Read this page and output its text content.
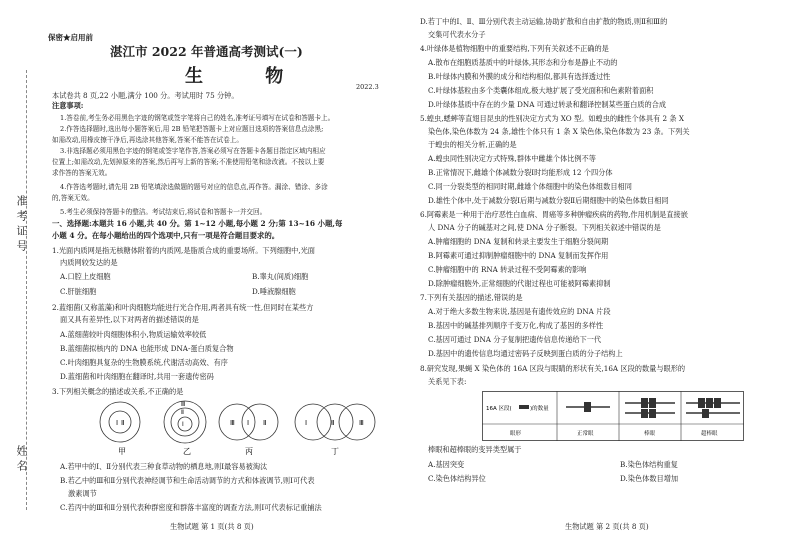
准考证号
姓名
保密★启用前
湛江市 2022 年普通高考测试(一)
生 物	2022.3
本试卷共 8 页,22 小题,满分 100 分。考试用时 75 分钟。
注意事项:
1.答卷前,考生务必用黑色字迹的钢笔或签字笔将自己的姓名,准考证号填写在试卷和答题卡上。
2.作答选择题时,选出每小题答案后,用 2B 铅笔把答题卡上对应题目选项的答案信息点涂黑;
如需改动,用橡皮擦干净后,再选涂其他答案,答案不能答在试卷上。
3.非选择题必须用黑色字迹的钢笔或签字笔作答,答案必须写在答题卡各题目指定区域内相应
位置上;如需改动,先划掉原来的答案,然后再写上新的答案;不准使用铅笔和涂改液。不按以上要
求作答的答案无效。
4.作答选考题时,请先用 2B 铅笔填涂选做题的题号对应的信息点,再作答。漏涂、错涂、多涂
的,答案无效。
5.考生必须保持答题卡的整洁。考试结束后,将试卷和答题卡一并交回。
一、选择题:本题共 16 小题,共 40 分。第 1~12 小题,每小题 2 分;第 13~16 小题,每
小题 4 分。在每小题给出的四个选项中,只有一项是符合题目要求的。
1.光面内质网是指无核糖体附着的内质网,是脂质合成的重要场所。下列细胞中,光面
内质网较发达的是
A.口腔上皮细胞	B.睾丸(间质)细胞
C.肝脏细胞	D.唾液腺细胞
2.蓝细菌(又称蓝藻)和叶肉细胞均能进行光合作用,两者具有统一性,但同时在某些方
面又具有差异性,以下对两者的描述错误的是
A.蓝细菌较叶肉细胞体积小,物质运输效率较低
B.蓝细菌拟核内的 DNA 也能形成 DNA-蛋白质复合物
C.叶肉细胞具复杂的生物膜系统,代谢活动高效、有序
D.蓝细菌和叶肉细胞在翻译时,共用一套遗传密码
3.下列相关概念的描述或关系,不正确的是
Ⅰ Ⅱ	Ⅰ
Ⅱ
Ⅲ
Ⅲ Ⅰ Ⅱ	Ⅰ	Ⅱ	Ⅲ
甲	乙	丙	丁
A.若甲中的Ⅰ、Ⅱ分别代表三种食草动物的栖息地,则Ⅰ最容易被淘汰
B.若乙中的Ⅲ和Ⅱ分别代表神经调节和生命活动调节的方式和体液调节,则Ⅰ可代表
激素调节
C.若丙中的Ⅲ和Ⅱ分别代表种群密度和群落丰富度的调查方法,则Ⅰ可代表标记重捕法
生物试题 第 1 页(共 8 页)
D.若丁中的Ⅰ、Ⅱ、Ⅲ分别代表主动运输,协助扩散和自由扩散的物质,则Ⅱ和Ⅲ的
交集可代表水分子
4.叶绿体是植物细胞中的重要结构,下列有关叙述不正确的是
A.散布在细胞质基质中的叶绿体,其形态和分布是静止不动的
B.叶绿体内膜和外膜的成分和结构相似,都具有选择透过性
C.叶绿体基粒由多个类囊体组成,极大地扩展了受光面积和色素附着面积
D.叶绿体基质中存在的少量 DNA 可通过转录和翻译控制某些蛋白质的合成
5.蝗虫,蟋蟀等直翅目昆虫的性别决定方式为 XO 型。如蝗虫的雌性个体具有 2 条 X
染色体,染色体数为 24 条,雄性个体只有 1 条 X 染色体,染色体数为 23 条。下列关
于蝗虫的相关分析,正确的是
A.蝗虫同性别决定方式特殊,群体中雌雄个体比例不等
B.正常情况下,雌雄个体减数分裂Ⅰ时均能形成 12 个四分体
C.同一分裂类型的相同时期,雌雄个体细胞中的染色体组数目相同
D.雄性个体中,处于减数分裂Ⅰ后期与减数分裂Ⅱ后期细胞中的染色体数目相同
6.阿霉素是一种用于治疗恶性白血病、胃癌等多种肿瘤疾病的药物,作用机制是直接嵌
人 DNA 分子的碱基对之间,使 DNA 分子断裂。下列相关叙述中错误的是
A.肿瘤细胞的 DNA 复制和转录主要发生于细胞分裂间期
B.阿霉素可通过抑制肿瘤细胞中的 DNA 复制而发挥作用
C.肿瘤细胞中的 RNA 转录过程不受阿霉素的影响
D.除肿瘤细胞外,正常细胞的代谢过程也可能被阿霉素抑制
7.下列有关基因的描述,错误的是
A.对于绝大多数生物来说,基因是有遗传效应的 DNA 片段
B.基因中的碱基排列顺序千变万化,构成了基因的多样性
C.基因可通过 DNA 分子复制把遗传信息传递给下一代
D.基因中的遗传信息均通过密码子反映到蛋白质的分子结构上
8.研究发现,果蝇 X 染色体的 16A 区段与眼睛的形状有关,16A 区段的数量与眼形的
关系见下表:
16A 区段(	)的数量
眼形	正常眼	棒眼	超棒眼
棒眼和超棒眼的变异类型属于
A.基因突变	B.染色体结构重复
C.染色体结构异位	D.染色体数目增加
生物试题 第 2 页(共 8 页)
